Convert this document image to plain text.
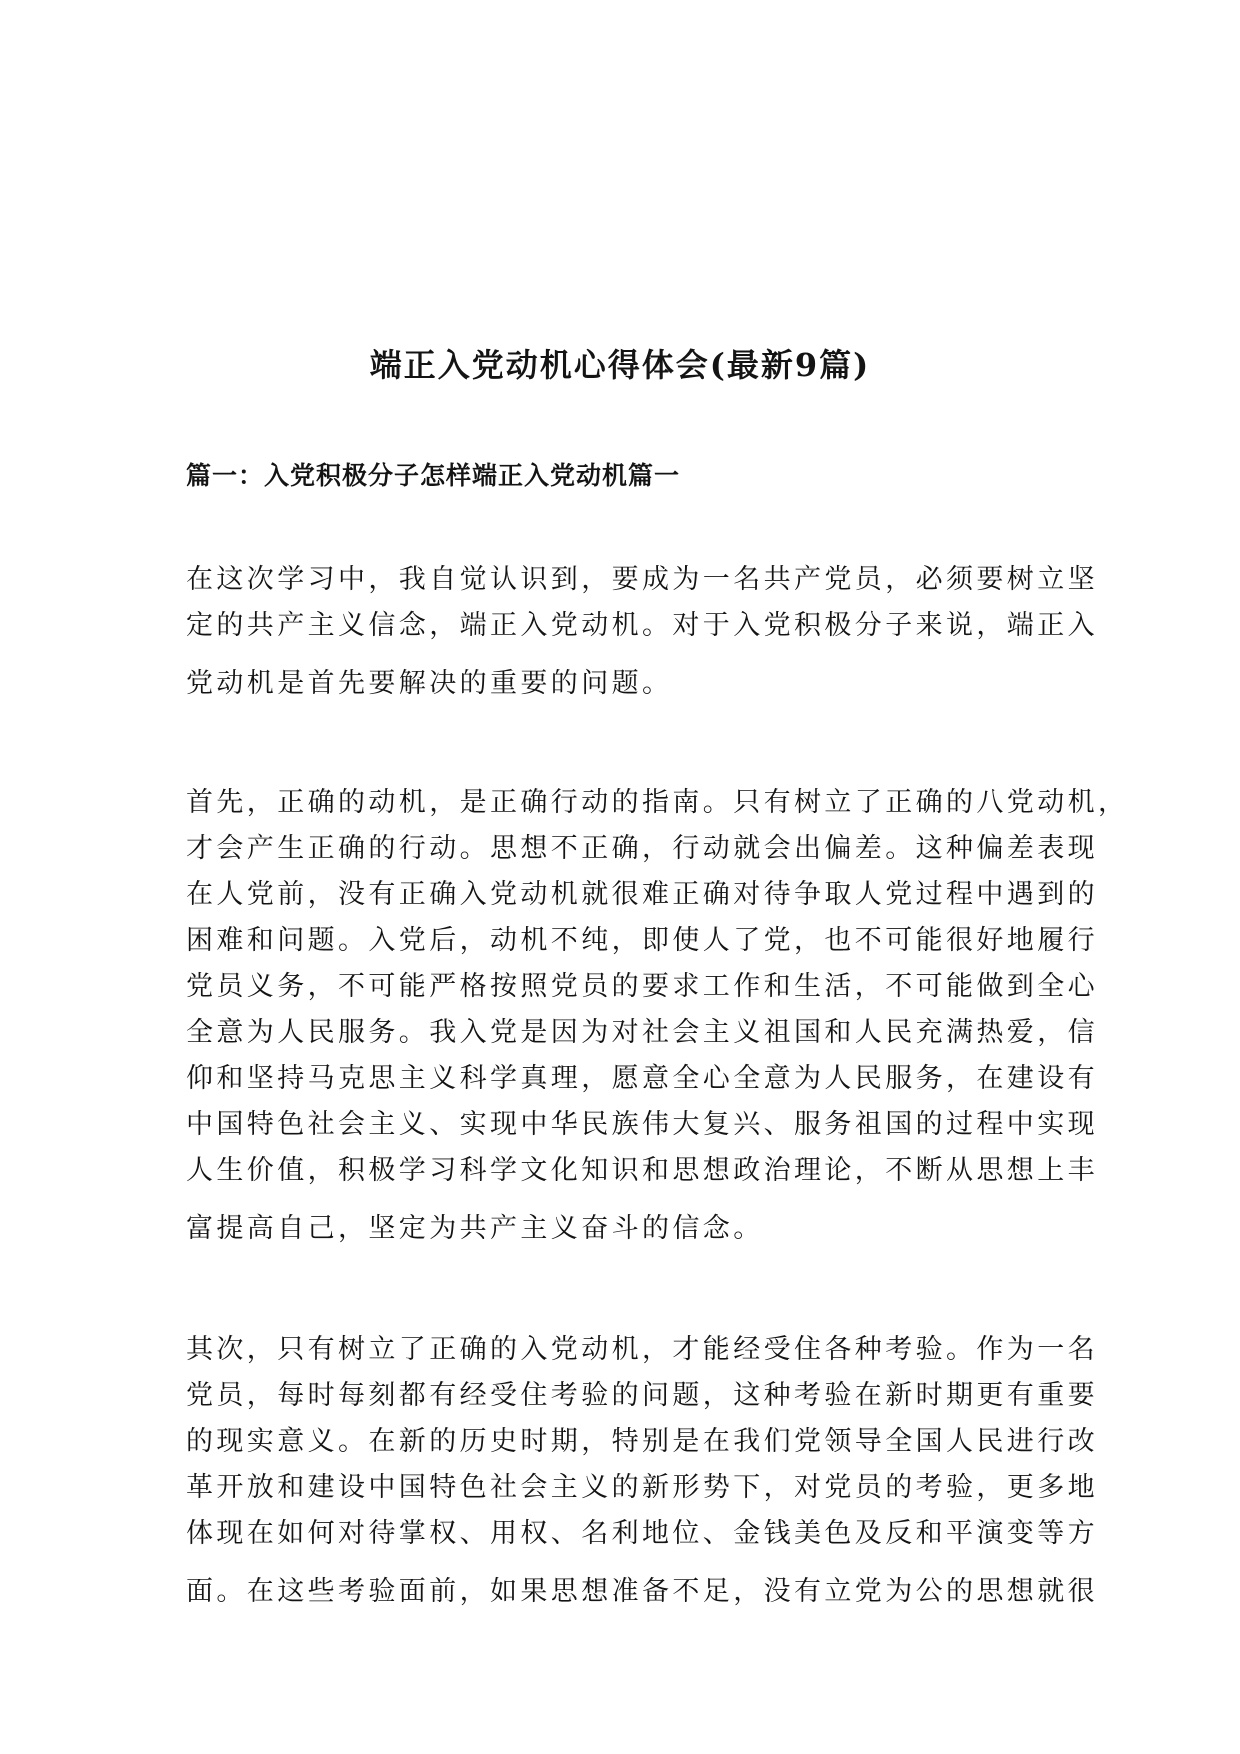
端正入党动机心得体会(最新9篇)
篇一：入党积极分子怎样端正入党动机篇一

在这次学习中，我自觉认识到，要成为一名共产党员，必须要树立坚
定的共产主义信念，端正入党动机。对于入党积极分子来说，端正入
党动机是首先要解决的重要的问题。

首先，正确的动机，是正确行动的指南。只有树立了正确的八党动机，
才会产生正确的行动。思想不正确，行动就会出偏差。这种偏差表现
在人党前，没有正确入党动机就很难正确对待争取人党过程中遇到的
困难和问题。入党后，动机不纯，即使人了党，也不可能很好地履行
党员义务，不可能严格按照党员的要求工作和生活，不可能做到全心
全意为人民服务。我入党是因为对社会主义祖国和人民充满热爱，信
仰和坚持马克思主义科学真理，愿意全心全意为人民服务，在建设有
中国特色社会主义、实现中华民族伟大复兴、服务祖国的过程中实现
人生价值，积极学习科学文化知识和思想政治理论，不断从思想上丰
富提高自己，坚定为共产主义奋斗的信念。

其次，只有树立了正确的入党动机，才能经受住各种考验。作为一名
党员，每时每刻都有经受住考验的问题，这种考验在新时期更有重要
的现实意义。在新的历史时期，特别是在我们党领导全国人民进行改
革开放和建设中国特色社会主义的新形势下，对党员的考验，更多地
体现在如何对待掌权、用权、名利地位、金钱美色及反和平演变等方
面。在这些考验面前，如果思想准备不足，没有立党为公的思想就很
